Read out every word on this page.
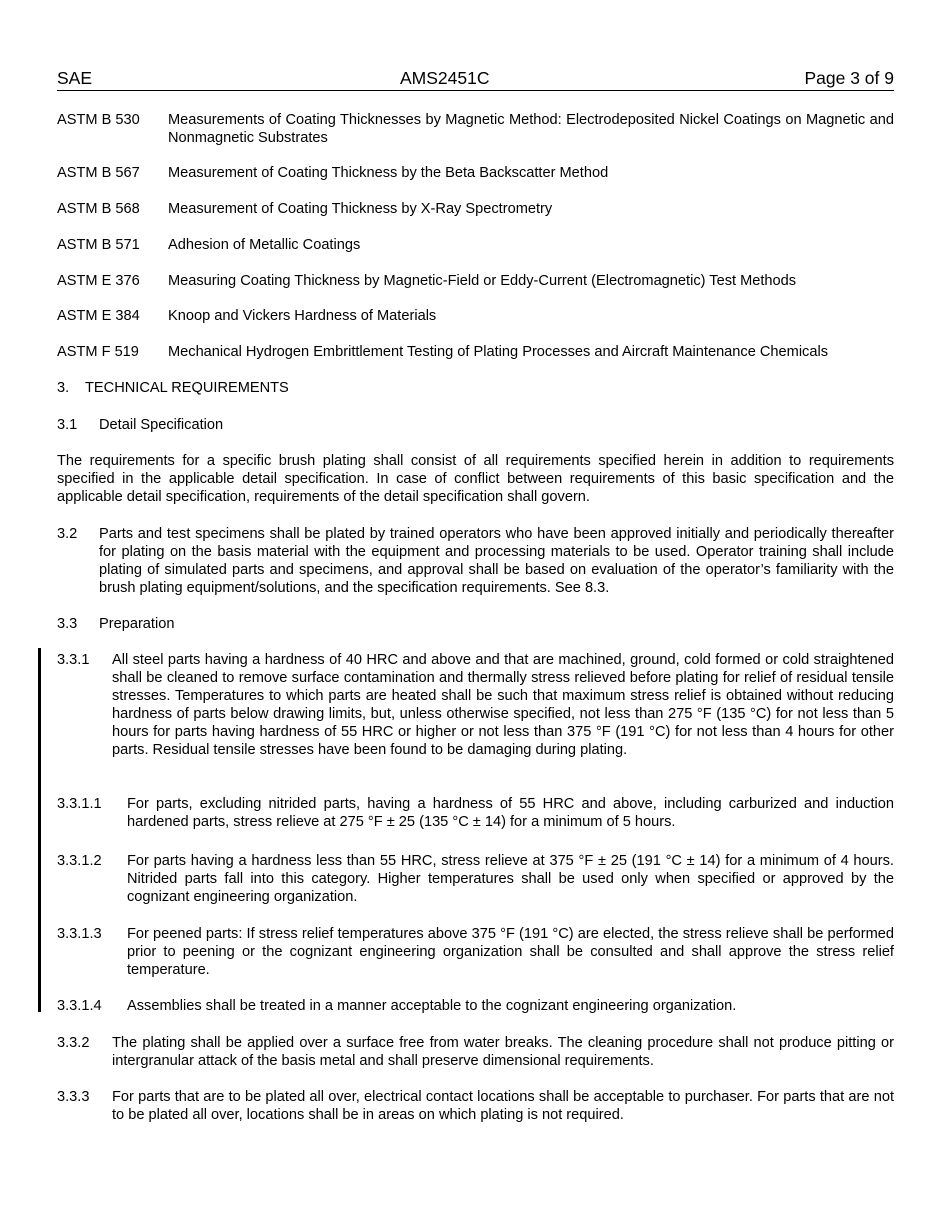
SAE	AMS2451C	Page 3 of 9
ASTM B 530	Measurements of Coating Thicknesses by Magnetic Method: Electrodeposited Nickel Coatings on Magnetic and Nonmagnetic Substrates
ASTM B 567	Measurement of Coating Thickness by the Beta Backscatter Method
ASTM B 568	Measurement of Coating Thickness by X-Ray Spectrometry
ASTM B 571	Adhesion of Metallic Coatings
ASTM E 376	Measuring Coating Thickness by Magnetic-Field or Eddy-Current (Electromagnetic) Test Methods
ASTM E 384	Knoop and Vickers Hardness of Materials
ASTM F 519	Mechanical Hydrogen Embrittlement Testing of Plating Processes and Aircraft Maintenance Chemicals
3. TECHNICAL REQUIREMENTS
3.1 Detail Specification
The requirements for a specific brush plating shall consist of all requirements specified herein in addition to requirements specified in the applicable detail specification. In case of conflict between requirements of this basic specification and the applicable detail specification, requirements of the detail specification shall govern.
3.2 Parts and test specimens shall be plated by trained operators who have been approved initially and periodically thereafter for plating on the basis material with the equipment and processing materials to be used. Operator training shall include plating of simulated parts and specimens, and approval shall be based on evaluation of the operator’s familiarity with the brush plating equipment/solutions, and the specification requirements. See 8.3.
3.3 Preparation
3.3.1 All steel parts having a hardness of 40 HRC and above and that are machined, ground, cold formed or cold straightened shall be cleaned to remove surface contamination and thermally stress relieved before plating for relief of residual tensile stresses. Temperatures to which parts are heated shall be such that maximum stress relief is obtained without reducing hardness of parts below drawing limits, but, unless otherwise specified, not less than 275 °F (135 °C) for not less than 5 hours for parts having hardness of 55 HRC or higher or not less than 375 °F (191 °C) for not less than 4 hours for other parts. Residual tensile stresses have been found to be damaging during plating.
3.3.1.1 For parts, excluding nitrided parts, having a hardness of 55 HRC and above, including carburized and induction hardened parts, stress relieve at 275 °F ± 25 (135 °C ± 14) for a minimum of 5 hours.
3.3.1.2 For parts having a hardness less than 55 HRC, stress relieve at 375 °F ± 25 (191 °C ± 14) for a minimum of 4 hours. Nitrided parts fall into this category. Higher temperatures shall be used only when specified or approved by the cognizant engineering organization.
3.3.1.3 For peened parts: If stress relief temperatures above 375 °F (191 °C) are elected, the stress relieve shall be performed prior to peening or the cognizant engineering organization shall be consulted and shall approve the stress relief temperature.
3.3.1.4 Assemblies shall be treated in a manner acceptable to the cognizant engineering organization.
3.3.2 The plating shall be applied over a surface free from water breaks. The cleaning procedure shall not produce pitting or intergranular attack of the basis metal and shall preserve dimensional requirements.
3.3.3 For parts that are to be plated all over, electrical contact locations shall be acceptable to purchaser. For parts that are not to be plated all over, locations shall be in areas on which plating is not required.
